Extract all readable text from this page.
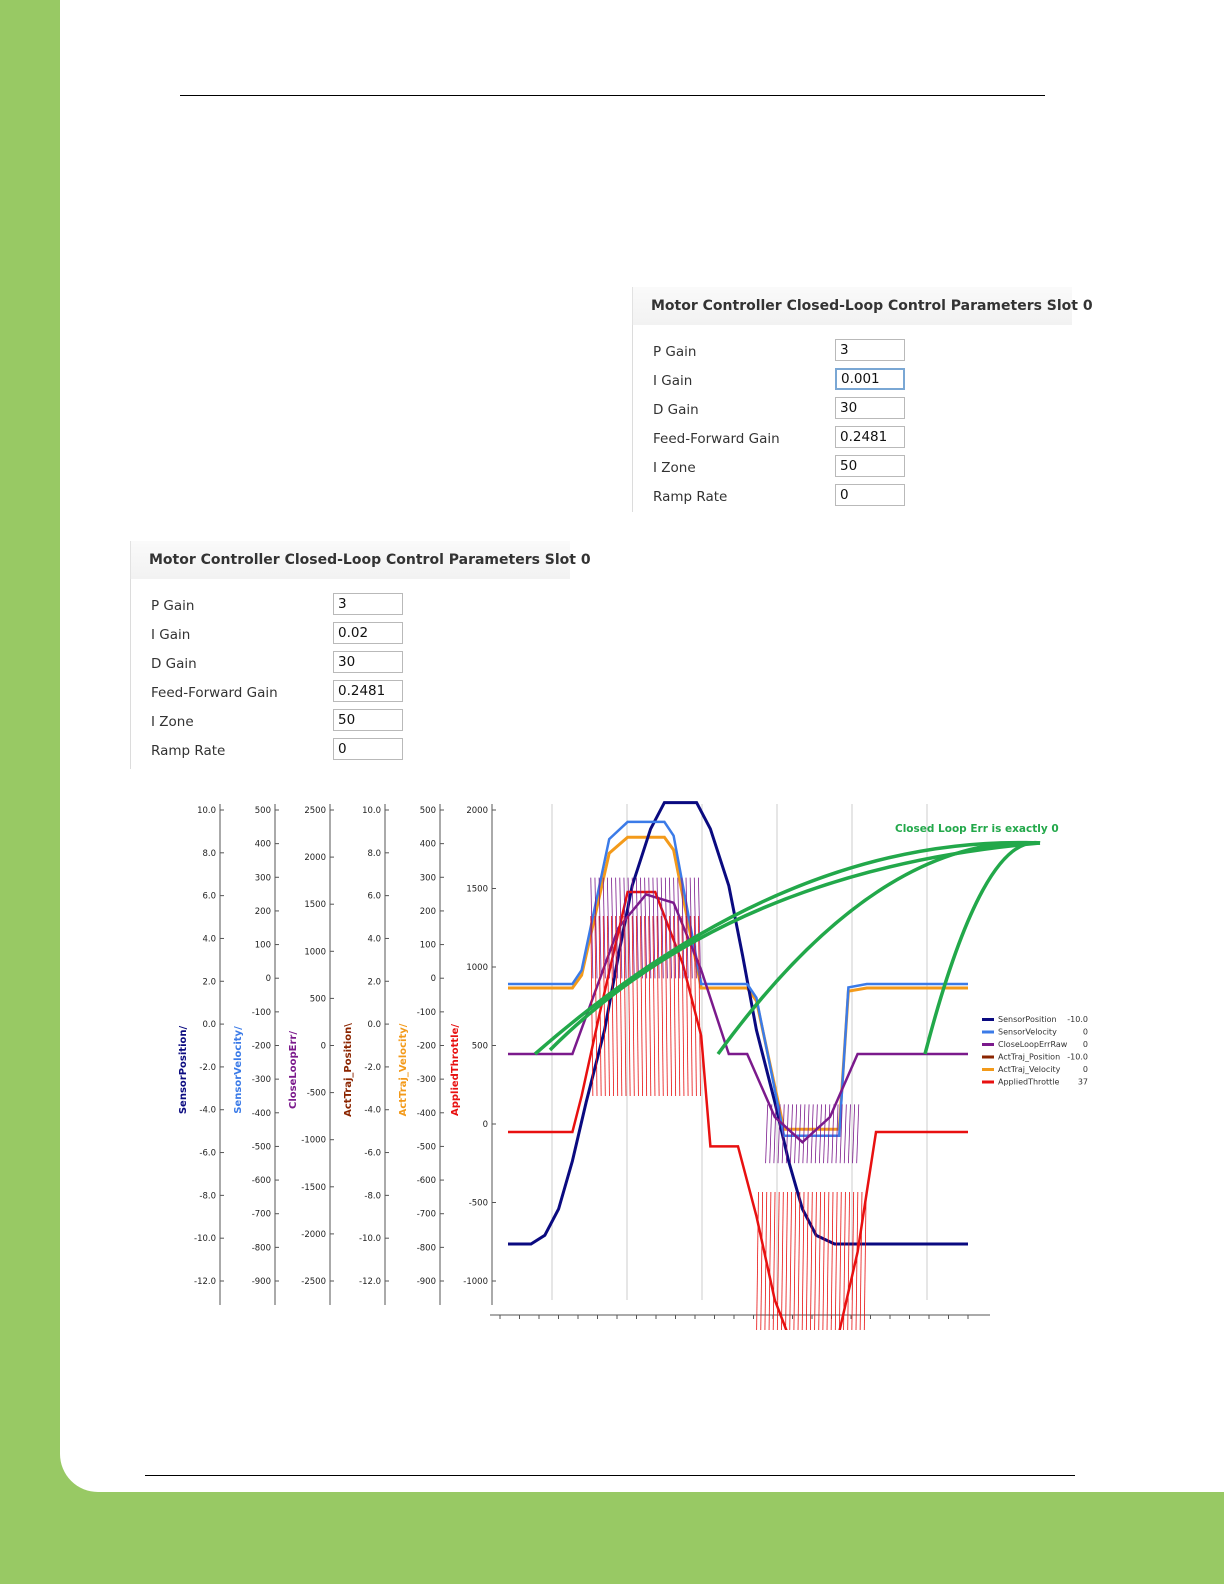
Motor Controller Closed-Loop Control Parameters Slot 0
P Gain	3
I Gain	0.001
D Gain	30
Feed-Forward Gain	0.2481
I Zone	50
Ramp Rate	0
Motor Controller Closed-Loop Control Parameters Slot 0
P Gain	3
I Gain	0.02
D Gain	30
Feed-Forward Gain	0.2481
I Zone	50
Ramp Rate	0
10.0
8.0
6.0
4.0
2.0
0.0
-2.0
-4.0
-6.0
-8.0
-10.0
-12.0
SensorPosition/
500
400
300
200
100
0
-100
-200
-300
-400
-500
-600
-700
-800
-900
SensorVelocity/
2500
2000
1500
1000
500
0
-500
-1000
-1500
-2000
-2500
CloseLoopErr/
10.0
8.0
6.0
4.0
2.0
0.0
-2.0
-4.0
-6.0
-8.0
-10.0
-12.0
ActTraj_Position\
500
400
300
200
100
0
-100
-200
-300
-400
-500
-600
-700
-800
-900
ActTraj_Velocity/
2000
1500
1000
500
0
-500
-1000
AppliedThrottle/
Closed Loop Err is exactly 0
SensorPosition -10.0
SensorVelocity	0
CloseLoopErrRaw 0
ActTraj_Position -10.0
ActTraj_Velocity	0
AppliedThrottle 37
